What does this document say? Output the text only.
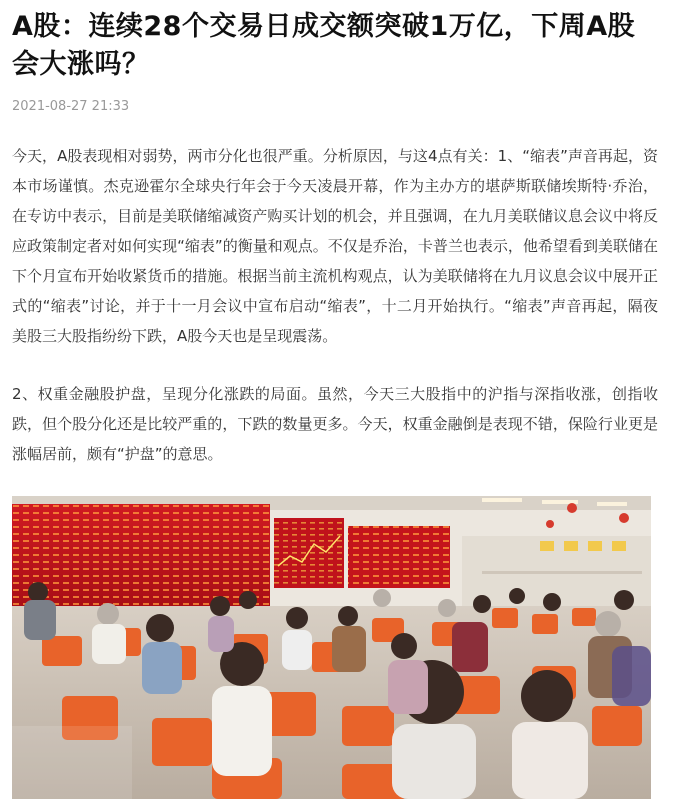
A股：连续28个交易日成交额突破1万亿，下周A股会大涨吗？
2021-08-27 21:33

今天，A股表现相对弱势，两市分化也很严重。分析原因，与这4点有关：1、“缩表”声音再起，资本市场谨慎。杰克逊霍尔全球央行年会于今天凌晨开幕，作为主办方的堪萨斯联储埃斯特·乔治，在专访中表示，目前是美联储缩减资产购买计划的机会，并且强调，在九月美联储议息会议中将反应政策制定者对如何实现“缩表”的衡量和观点。不仅是乔治，卡普兰也表示，他希望看到美联储在下个月宣布开始收紧货币的措施。根据当前主流机构观点，认为美联储将在九月议息会议中展开正式的“缩表”讨论，并于十一月会议中宣布启动“缩表”，十二月开始执行。“缩表”声音再起，隔夜美股三大股指纷纷下跌，A股今天也是呈现震荡。

2、权重金融股护盘，呈现分化涨跌的局面。虽然，今天三大股指中的沪指与深指收涨，创指收跌，但个股分化还是比较严重的，下跌的数量更多。今天，权重金融倒是表现不错，保险行业更是涨幅居前，颇有“护盘”的意思。
